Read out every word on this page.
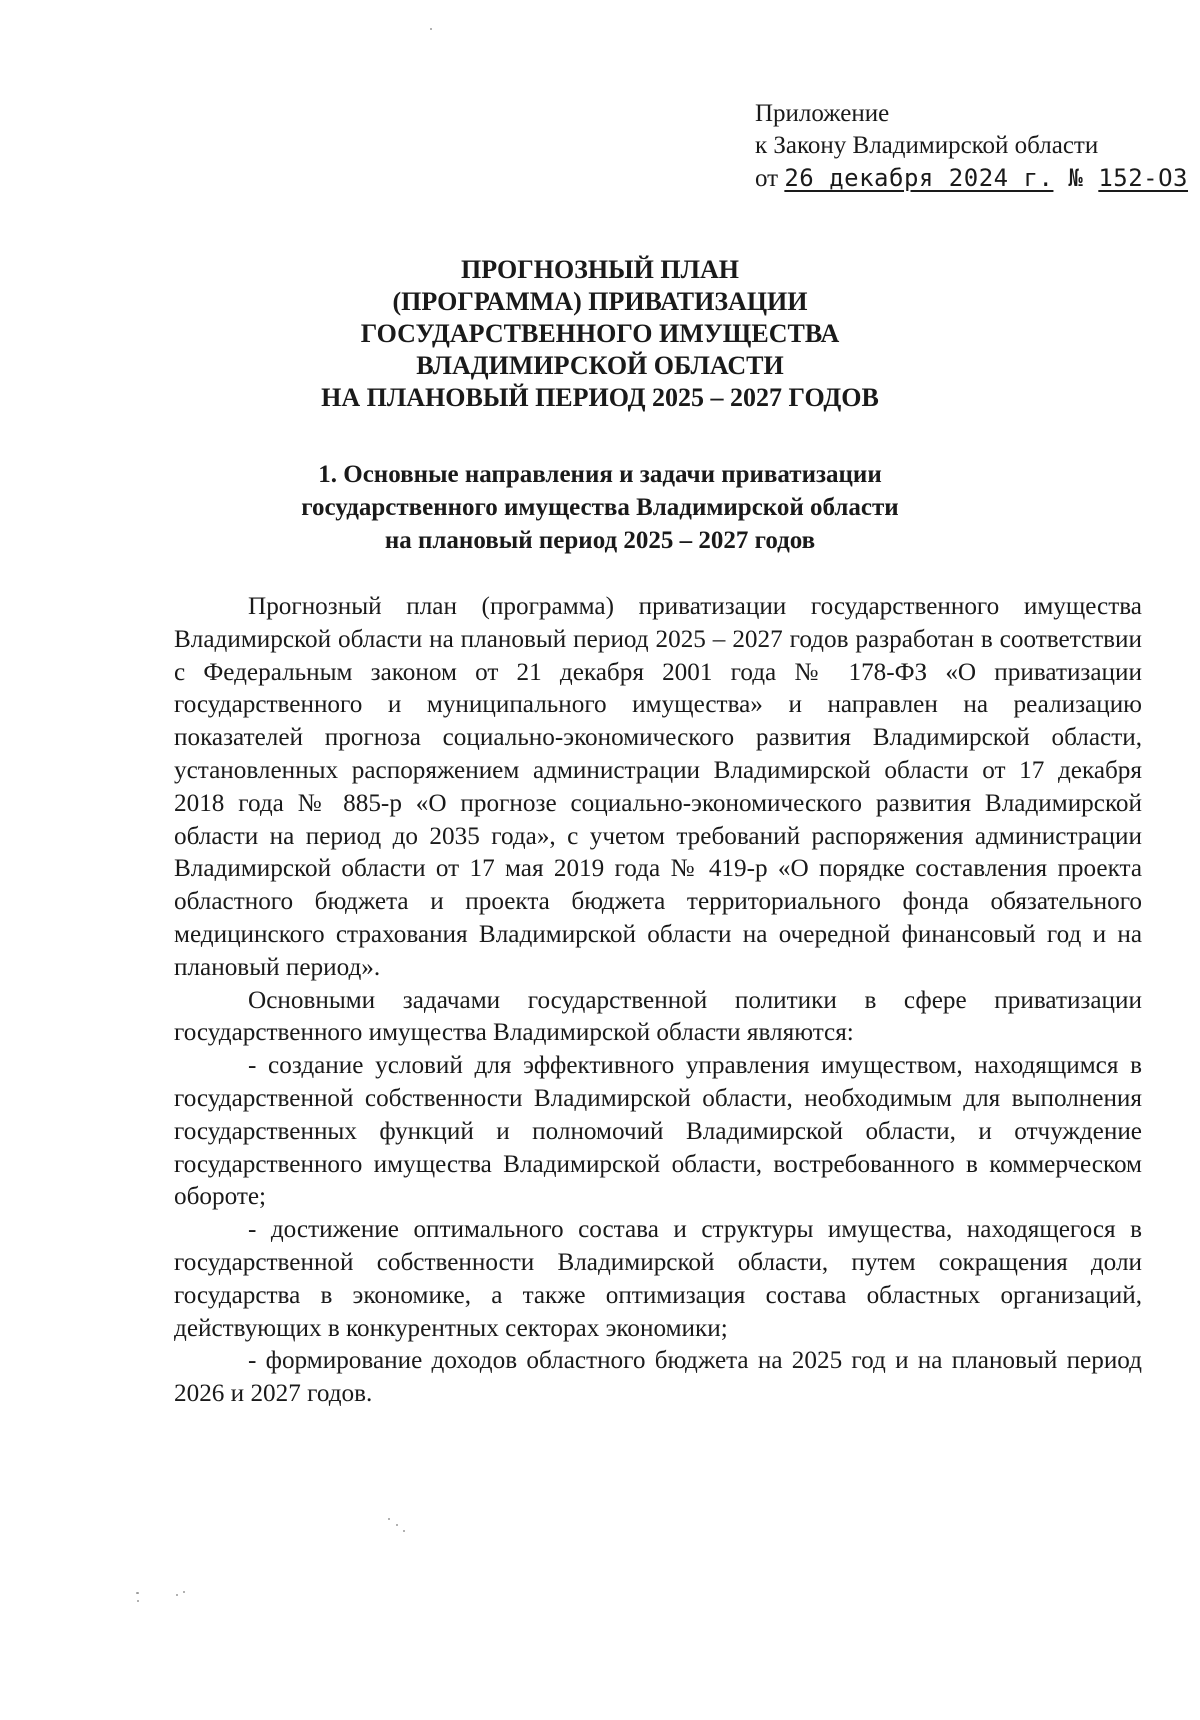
Приложение
к Закону Владимирской области
от 26 декабря 2024 г. № 152-ОЗ
ПРОГНОЗНЫЙ ПЛАН
(ПРОГРАММА) ПРИВАТИЗАЦИИ
ГОСУДАРСТВЕННОГО ИМУЩЕСТВА
ВЛАДИМИРСКОЙ ОБЛАСТИ
НА ПЛАНОВЫЙ ПЕРИОД 2025 – 2027 ГОДОВ
1. Основные направления и задачи приватизации
государственного имущества Владимирской области
на плановый период 2025 – 2027 годов

Прогнозный план (программа) приватизации государственного имущества Владимирской области на плановый период 2025 – 2027 годов разработан в соответствии с Федеральным законом от 21 декабря 2001 года № 178-ФЗ «О приватизации государственного и муниципального имущества» и направлен на реализацию показателей прогноза социально-экономического развития Владимирской области, установленных распоряжением администрации Владимирской области от 17 декабря 2018 года № 885-р «О прогнозе социально-экономического развития Владимирской области на период до 2035 года», с учетом требований распоряжения администрации Владимирской области от 17 мая 2019 года № 419-р «О порядке составления проекта областного бюджета и проекта бюджета территориального фонда обязательного медицинского страхования Владимирской области на очередной финансовый год и на плановый период».

Основными задачами государственной политики в сфере приватизации государственного имущества Владимирской области являются:

- создание условий для эффективного управления имуществом, находящимся в государственной собственности Владимирской области, необходимым для выполнения государственных функций и полномочий Владимирской области, и отчуждение государственного имущества Владимирской области, востребованного в коммерческом обороте;

- достижение оптимального состава и структуры имущества, находящегося в государственной собственности Владимирской области, путем сокращения доли государства в экономике, а также оптимизация состава областных организаций, действующих в конкурентных секторах экономики;

- формирование доходов областного бюджета на 2025 год и на плановый период 2026 и 2027 годов.
